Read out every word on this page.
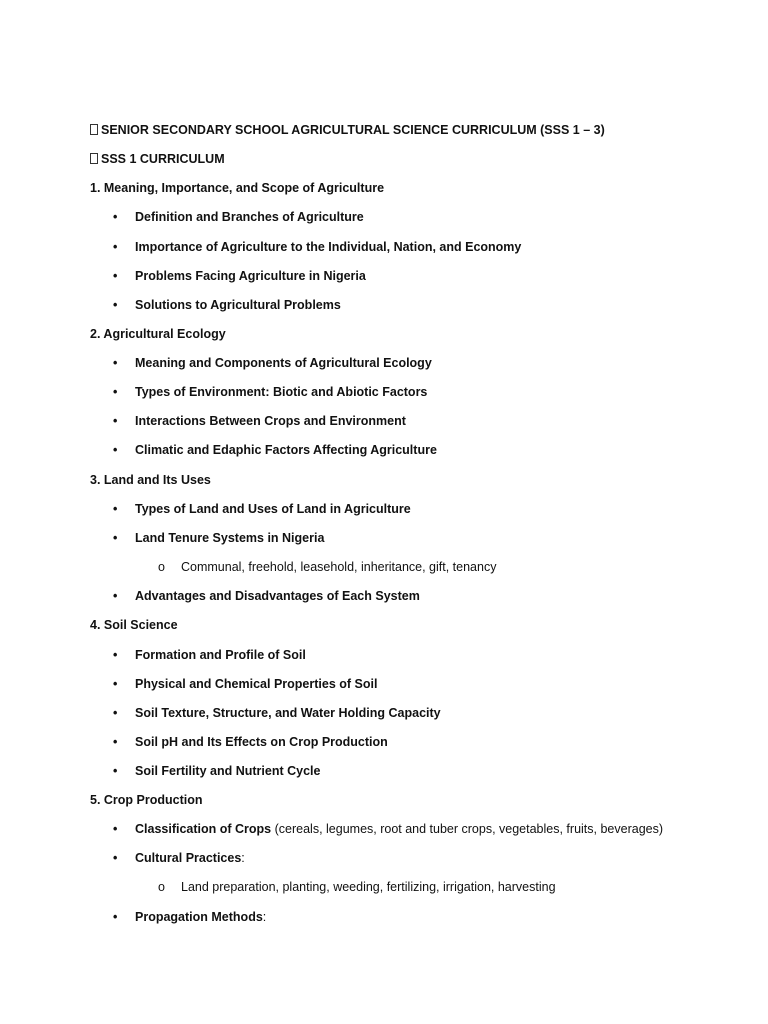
SENIOR SECONDARY SCHOOL AGRICULTURAL SCIENCE CURRICULUM (SSS 1 – 3)
SSS 1 CURRICULUM
1. Meaning, Importance, and Scope of Agriculture
• Definition and Branches of Agriculture
• Importance of Agriculture to the Individual, Nation, and Economy
• Problems Facing Agriculture in Nigeria
• Solutions to Agricultural Problems
2. Agricultural Ecology
• Meaning and Components of Agricultural Ecology
• Types of Environment: Biotic and Abiotic Factors
• Interactions Between Crops and Environment
• Climatic and Edaphic Factors Affecting Agriculture
3. Land and Its Uses
• Types of Land and Uses of Land in Agriculture
• Land Tenure Systems in Nigeria
o Communal, freehold, leasehold, inheritance, gift, tenancy
• Advantages and Disadvantages of Each System
4. Soil Science
• Formation and Profile of Soil
• Physical and Chemical Properties of Soil
• Soil Texture, Structure, and Water Holding Capacity
• Soil pH and Its Effects on Crop Production
• Soil Fertility and Nutrient Cycle
5. Crop Production
• Classification of Crops (cereals, legumes, root and tuber crops, vegetables, fruits, beverages)
• Cultural Practices:
o Land preparation, planting, weeding, fertilizing, irrigation, harvesting
• Propagation Methods:
